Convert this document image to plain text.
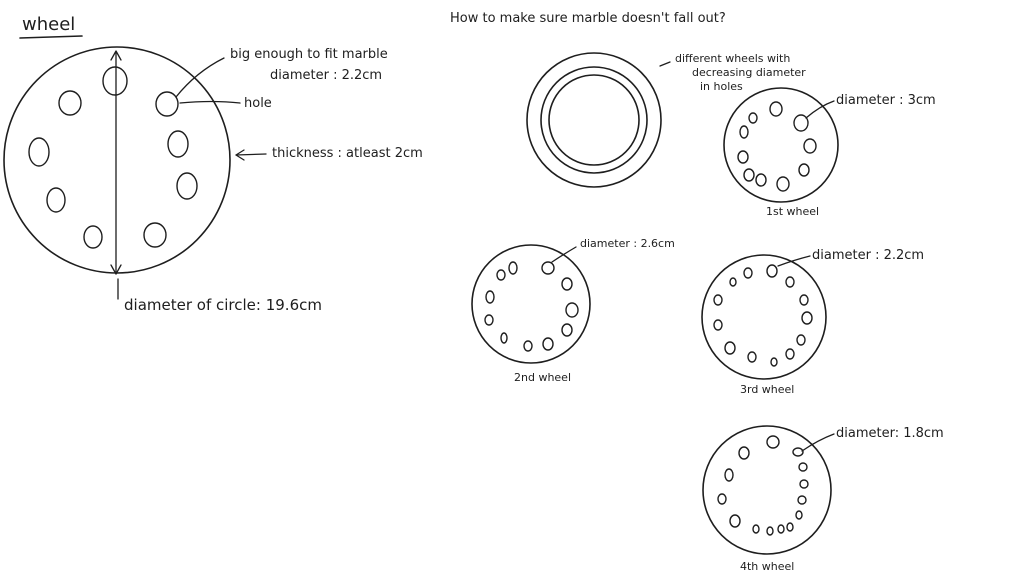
wheel
big enough to fit marble
diameter : 2.2cm
hole
thickness : atleast 2cm
diameter of circle: 19.6cm
How to make sure marble doesn't fall out?
different wheels with
decreasing diameter
in holes
diameter : 3cm
1st wheel
diameter : 2.6cm
2nd wheel
diameter : 2.2cm
3rd wheel
diameter: 1.8cm
4th wheel
